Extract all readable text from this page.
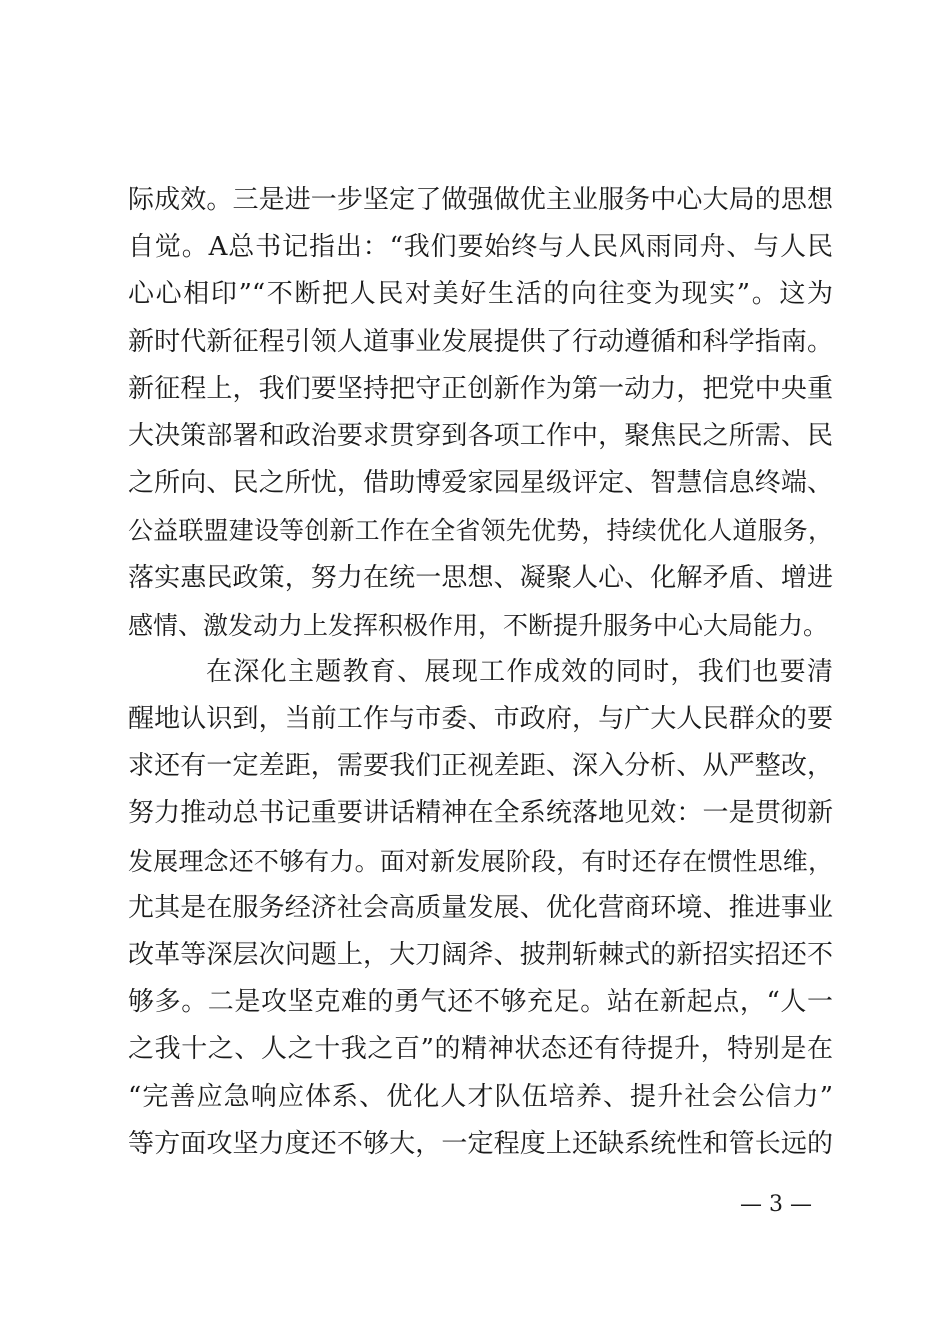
际成效。三是进一步坚定了做强做优主业服务中心大局的思想
自觉。A总书记指出：“我们要始终与人民风雨同舟、与人民
心心相印”“不断把人民对美好生活的向往变为现实”。这为
新时代新征程引领人道事业发展提供了行动遵循和科学指南。
新征程上，我们要坚持把守正创新作为第一动力，把党中央重
大决策部署和政治要求贯穿到各项工作中，聚焦民之所需、民
之所向、民之所忧，借助博爱家园星级评定、智慧信息终端、
公益联盟建设等创新工作在全省领先优势，持续优化人道服务，
落实惠民政策，努力在统一思想、凝聚人心、化解矛盾、增进
感情、激发动力上发挥积极作用，不断提升服务中心大局能力。
在深化主题教育、展现工作成效的同时，我们也要清
醒地认识到，当前工作与市委、市政府，与广大人民群众的要
求还有一定差距，需要我们正视差距、深入分析、从严整改，
努力推动总书记重要讲话精神在全系统落地见效：一是贯彻新
发展理念还不够有力。面对新发展阶段，有时还存在惯性思维，
尤其是在服务经济社会高质量发展、优化营商环境、推进事业
改革等深层次问题上，大刀阔斧、披荆斩棘式的新招实招还不
够多。二是攻坚克难的勇气还不够充足。站在新起点，“人一
之我十之、人之十我之百”的精神状态还有待提升，特别是在
“完善应急响应体系、优化人才队伍培养、提升社会公信力”
等方面攻坚力度还不够大，一定程度上还缺系统性和管长远的
— 3 —
